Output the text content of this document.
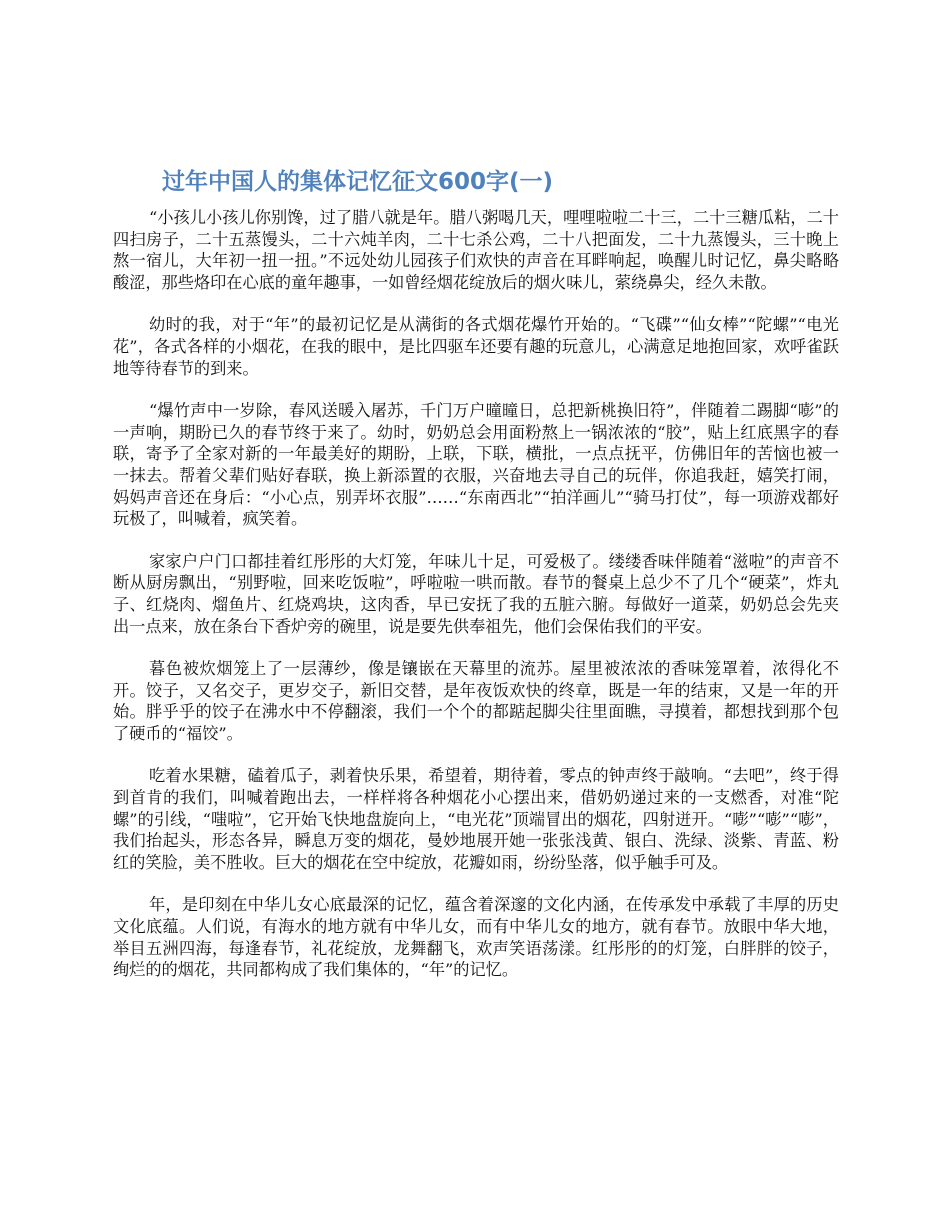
过年中国人的集体记忆征文600字(一)

“小孩儿小孩儿你别馋，过了腊八就是年。腊八粥喝几天，哩哩啦啦二十三，二十三糖瓜粘，二十四扫房子，二十五蒸馒头，二十六炖羊肉，二十七杀公鸡，二十八把面发，二十九蒸馒头，三十晚上熬一宿儿，大年初一扭一扭。”不远处幼儿园孩子们欢快的声音在耳畔响起，唤醒儿时记忆，鼻尖略略酸涩，那些烙印在心底的童年趣事，一如曾经烟花绽放后的烟火味儿，萦绕鼻尖，经久未散。

幼时的我，对于“年”的最初记忆是从满街的各式烟花爆竹开始的。“飞碟”“仙女棒”“陀螺”“电光花”，各式各样的小烟花，在我的眼中，是比四驱车还要有趣的玩意儿，心满意足地抱回家，欢呼雀跃地等待春节的到来。

“爆竹声中一岁除，春风送暖入屠苏，千门万户曈曈日，总把新桃换旧符”，伴随着二踢脚“嘭”的一声响，期盼已久的春节终于来了。幼时，奶奶总会用面粉熬上一锅浓浓的“胶”，贴上红底黑字的春联，寄予了全家对新的一年最美好的期盼，上联，下联，横批，一点点抚平，仿佛旧年的苦恼也被一一抹去。帮着父辈们贴好春联，换上新添置的衣服，兴奋地去寻自己的玩伴，你追我赶，嬉笑打闹，妈妈声音还在身后：“小心点，别弄坏衣服”……“东南西北”“拍洋画儿”“骑马打仗”，每一项游戏都好玩极了，叫喊着，疯笑着。

家家户户门口都挂着红彤彤的大灯笼，年味儿十足，可爱极了。缕缕香味伴随着“滋啦”的声音不断从厨房飘出，“别野啦，回来吃饭啦”，呼啦啦一哄而散。春节的餐桌上总少不了几个“硬菜”，炸丸子、红烧肉、熘鱼片、红烧鸡块，这肉香，早已安抚了我的五脏六腑。每做好一道菜，奶奶总会先夹出一点来，放在条台下香炉旁的碗里，说是要先供奉祖先，他们会保佑我们的平安。

暮色被炊烟笼上了一层薄纱，像是镶嵌在天幕里的流苏。屋里被浓浓的香味笼罩着，浓得化不开。饺子，又名交子，更岁交子，新旧交替，是年夜饭欢快的终章，既是一年的结束，又是一年的开始。胖乎乎的饺子在沸水中不停翻滚，我们一个个的都踮起脚尖往里面瞧，寻摸着，都想找到那个包了硬币的“福饺”。

吃着水果糖，磕着瓜子，剥着快乐果，希望着，期待着，零点的钟声终于敲响。“去吧”，终于得到首肯的我们，叫喊着跑出去，一样样将各种烟花小心摆出来，借奶奶递过来的一支燃香，对准“陀螺”的引线，“嗤啦”，它开始飞快地盘旋向上，“电光花”顶端冒出的烟花，四射迸开。“嘭”“嘭”“嘭”，我们抬起头，形态各异，瞬息万变的烟花，曼妙地展开她一张张浅黄、银白、洗绿、淡紫、青蓝、粉红的笑脸，美不胜收。巨大的烟花在空中绽放，花瓣如雨，纷纷坠落，似乎触手可及。

年，是印刻在中华儿女心底最深的记忆，蕴含着深邃的文化内涵，在传承发中承载了丰厚的历史文化底蕴。人们说，有海水的地方就有中华儿女，而有中华儿女的地方，就有春节。放眼中华大地，举目五洲四海，每逢春节，礼花绽放，龙舞翻飞，欢声笑语荡漾。红彤彤的的灯笼，白胖胖的饺子，绚烂的的烟花，共同都构成了我们集体的，“年”的记忆。
